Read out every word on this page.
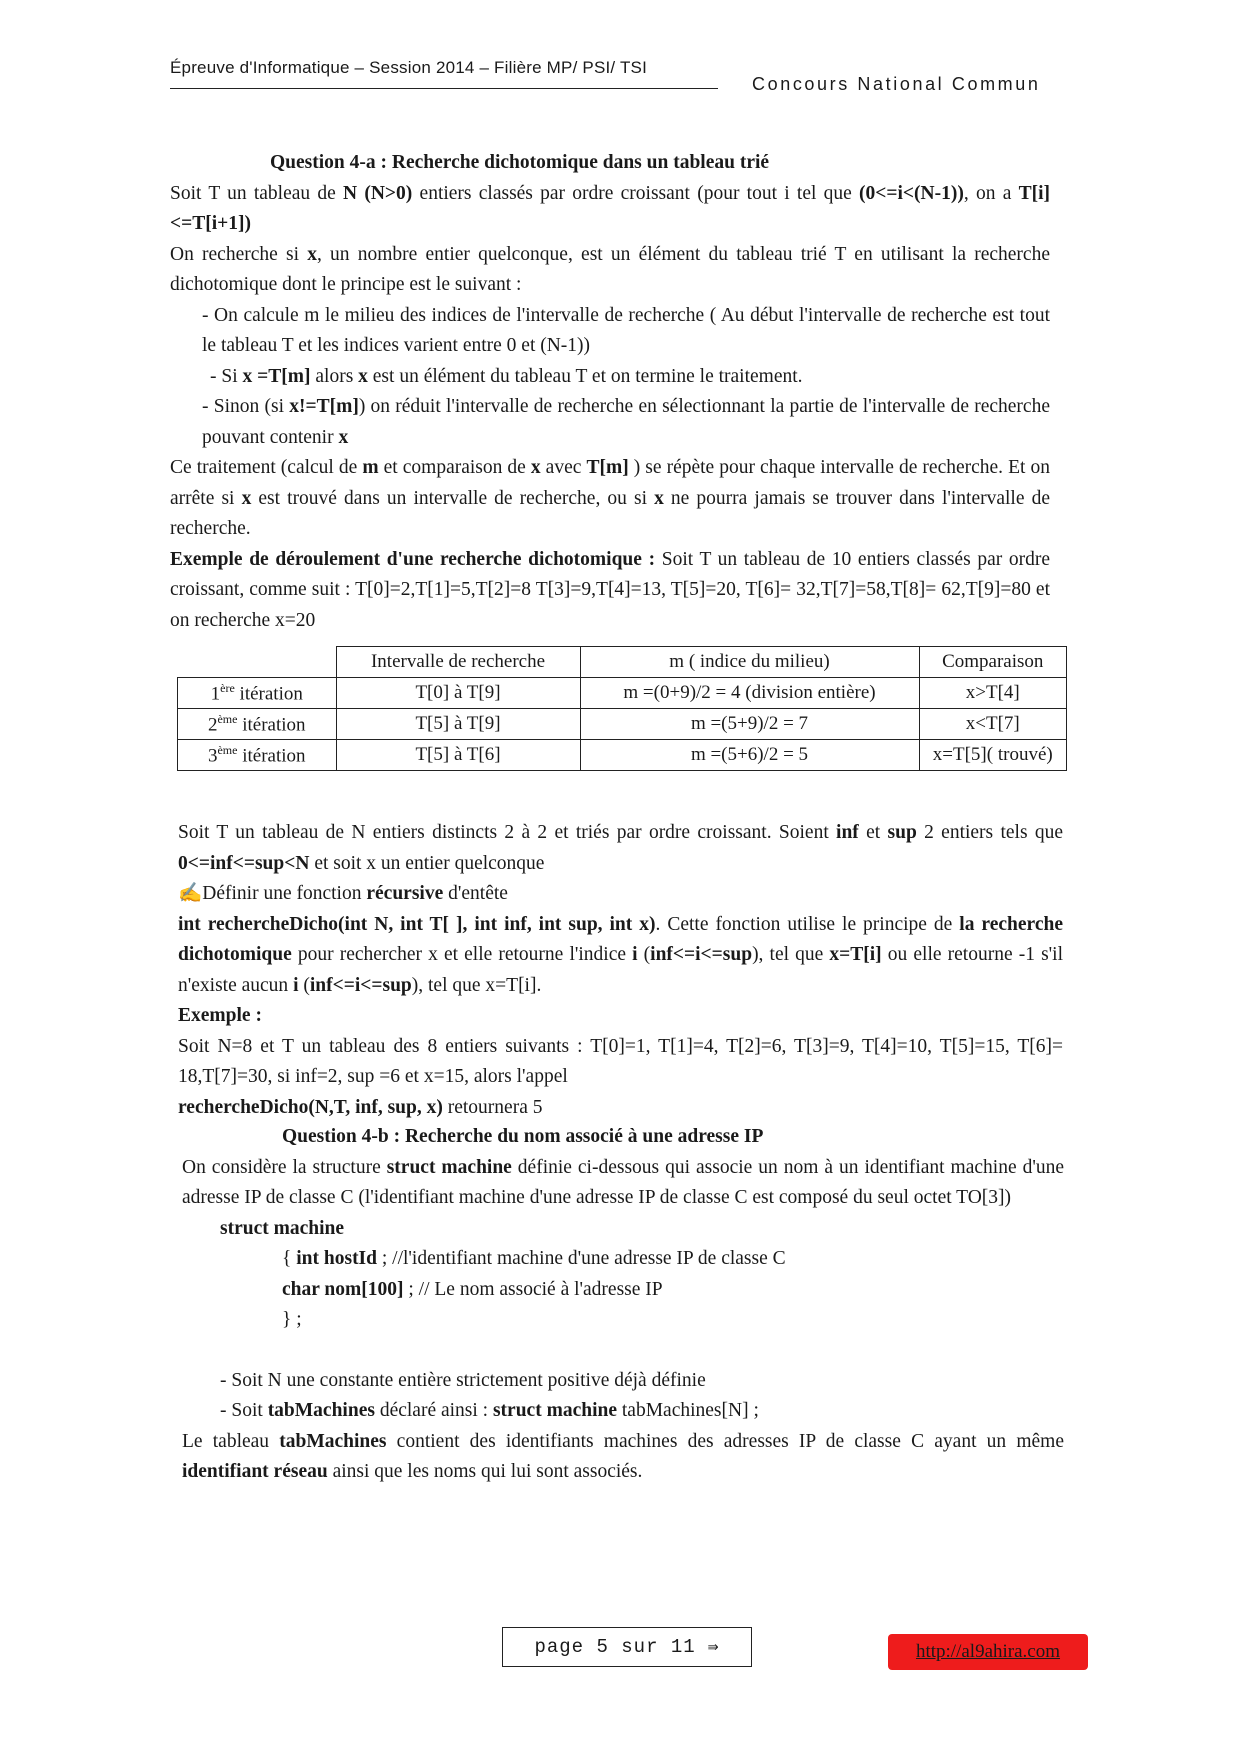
Épreuve d'Informatique – Session 2014 – Filière MP/ PSI/ TSI
Concours National Commun

Question 4-a : Recherche dichotomique dans un tableau trié

Soit T un tableau de N (N>0) entiers classés par ordre croissant (pour tout i tel que (0<=i<(N-1)), on a T[i]<=T[i+1])

On recherche si x, un nombre entier quelconque, est un élément du tableau trié T en utilisant la recherche dichotomique dont le principe est le suivant :

- On calcule m le milieu des indices de l'intervalle de recherche ( Au début l'intervalle de recherche est tout le tableau T et les indices varient entre 0 et (N-1))

- Si x =T[m] alors x est un élément du tableau T et on termine le traitement.

- Sinon (si x!=T[m]) on réduit l'intervalle de recherche en sélectionnant la partie de l'intervalle de recherche pouvant contenir x

Ce traitement (calcul de m et comparaison de x avec T[m] ) se répète pour chaque intervalle de recherche. Et on arrête si x est trouvé dans un intervalle de recherche, ou si x ne pourra jamais se trouver dans l'intervalle de recherche.

Exemple de déroulement d'une recherche dichotomique : Soit T un tableau de 10 entiers classés par ordre croissant, comme suit : T[0]=2,T[1]=5,T[2]=8 T[3]=9,T[4]=13, T[5]=20, T[6]= 32,T[7]=58,T[8]= 62,T[9]=80 et on recherche x=20

	Intervalle de recherche	m ( indice du milieu)	Comparaison
1ère itération	T[0] à T[9]	m =(0+9)/2 = 4 (division entière)	x>T[4]
2ème itération	T[5] à T[9]	m =(5+9)/2 = 7	x<T[7]
3ème itération	T[5] à T[6]	m =(5+6)/2 = 5	x=T[5]( trouvé)

Soit T un tableau de N entiers distincts 2 à 2 et triés par ordre croissant. Soient inf et sup 2 entiers tels que 0<=inf<=sup<N et soit x un entier quelconque

✍Définir une fonction récursive d'entête

int rechercheDicho(int N, int T[ ], int inf, int sup, int x). Cette fonction utilise le principe de la recherche dichotomique pour rechercher x et elle retourne l'indice i (inf<=i<=sup), tel que x=T[i] ou elle retourne -1 s'il n'existe aucun i (inf<=i<=sup), tel que x=T[i].

Exemple :

Soit N=8 et T un tableau des 8 entiers suivants : T[0]=1, T[1]=4, T[2]=6, T[3]=9, T[4]=10, T[5]=15, T[6]= 18,T[7]=30, si inf=2, sup =6 et x=15, alors l'appel

rechercheDicho(N,T, inf, sup, x) retournera 5

Question 4-b : Recherche du nom associé à une adresse IP

On considère la structure struct machine définie ci-dessous qui associe un nom à un identifiant machine d'une adresse IP de classe C (l'identifiant machine d'une adresse IP de classe C est composé du seul octet TO[3])

struct machine

{ int hostId ; //l'identifiant machine d'une adresse IP de classe C

char nom[100] ; // Le nom associé à l'adresse IP

} ;

- Soit N une constante entière strictement positive déjà définie

- Soit tabMachines déclaré ainsi : struct machine tabMachines[N] ;

Le tableau tabMachines contient des identifiants machines des adresses IP de classe C ayant un même identifiant réseau ainsi que les noms qui lui sont associés.

page 5 sur 11 ⇛	http://al9ahira.com
